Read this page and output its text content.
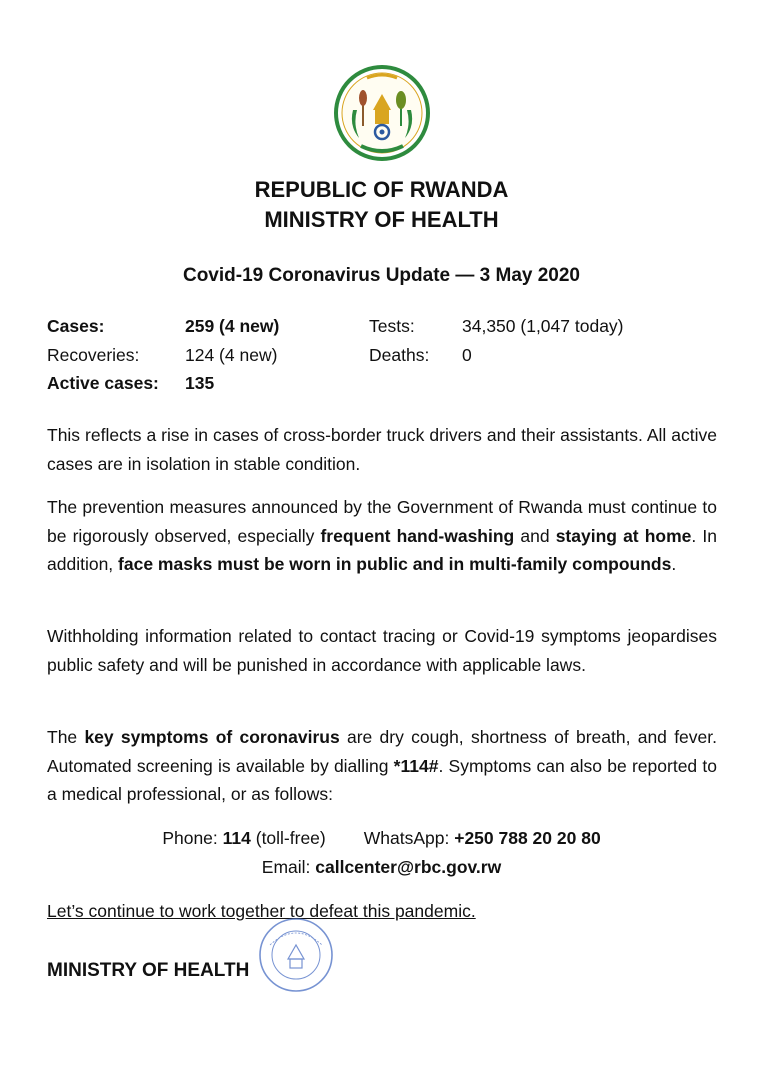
REPUBLIC OF RWANDA
MINISTRY OF HEALTH
Covid-19 Coronavirus Update — 3 May 2020
Cases:	259 (4 new)	Tests:	34,350 (1,047 today)
Recoveries:	124 (4 new)	Deaths: 0
Active cases: 135

This reflects a rise in cases of cross-border truck drivers and their assistants. All active cases are in isolation in stable condition.

The prevention measures announced by the Government of Rwanda must continue to be rigorously observed, especially frequent hand-washing and staying at home. In addition, face masks must be worn in public and in multi-family compounds.

Withholding information related to contact tracing or Covid-19 symptoms jeopardises public safety and will be punished in accordance with applicable laws.

The key symptoms of coronavirus are dry cough, shortness of breath, and fever. Automated screening is available by dialling *114#. Symptoms can also be reported to a medical professional, or as follows:

Phone: 114 (toll-free) WhatsApp: +250 788 20 20 80
Email: callcenter@rbc.gov.rw
Let’s continue to work together to defeat this pandemic.
MINISTRY OF HEALTH
